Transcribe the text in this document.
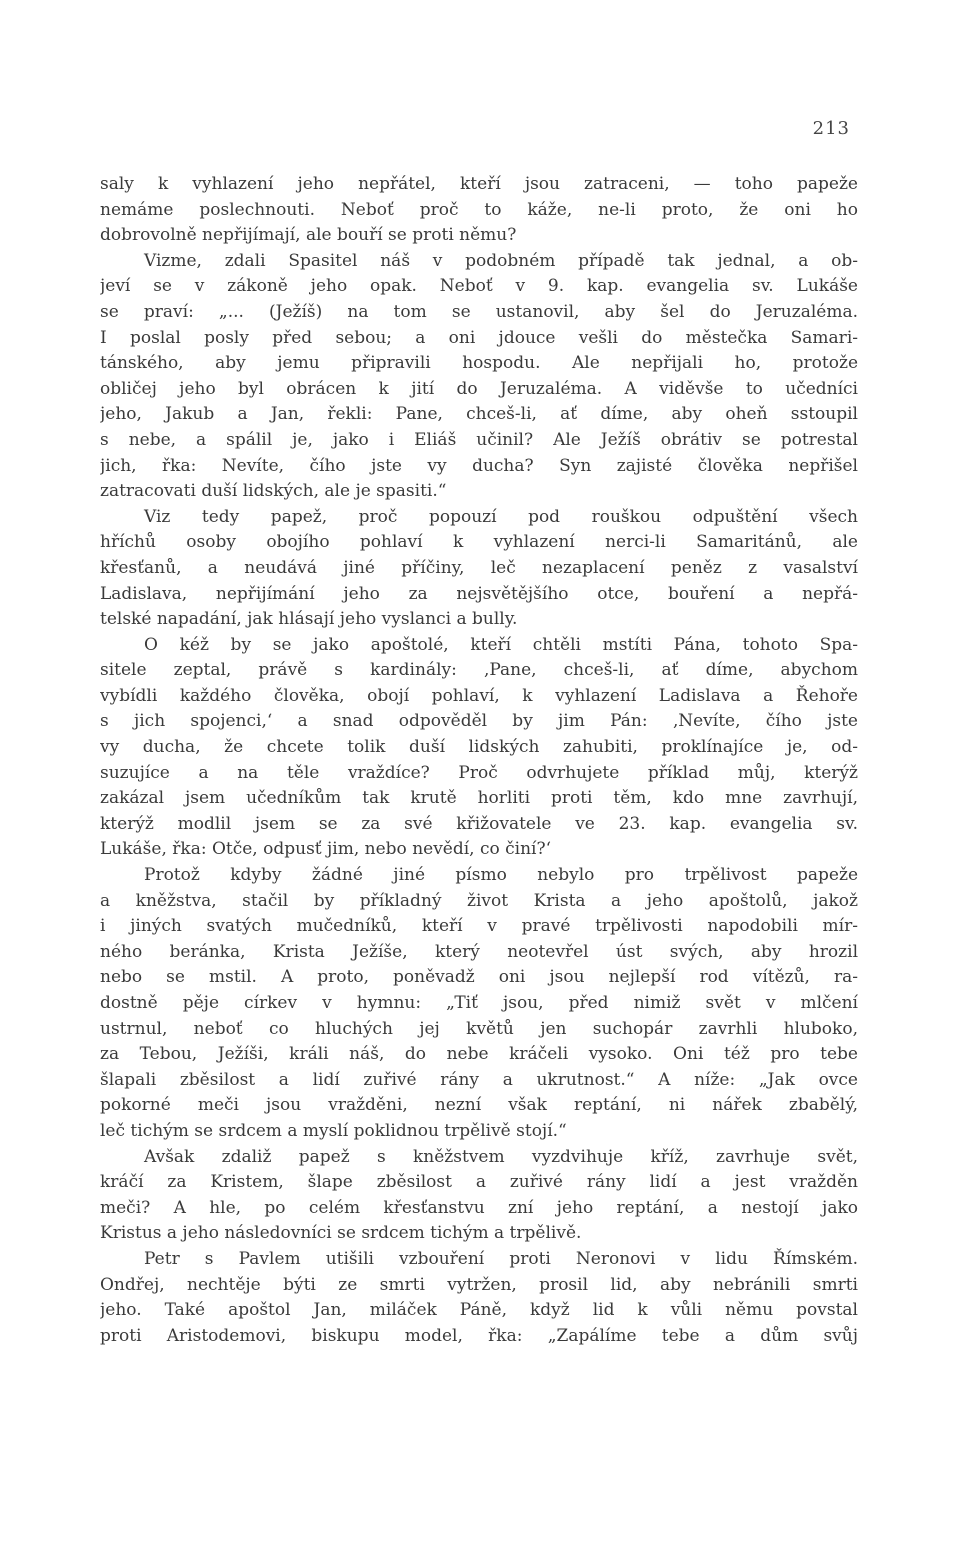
213
saly k vyhlazení jeho nepřátel, kteří jsou zatraceni, — toho papeže
nemáme poslechnouti. Neboť proč to káže, ne-li proto, že oni ho
dobrovolně nepřijímají, ale bouří se proti němu?
Vizme, zdali Spasitel náš v podobném případě tak jednal, a ob-
jeví se v zákoně jeho opak. Neboť v 9. kap. evangelia sv. Lukáše
se praví: „... (Ježíš) na tom se ustanovil, aby šel do Jeruzaléma.
I poslal posly před sebou; a oni jdouce vešli do městečka Samari-
tánského, aby jemu připravili hospodu. Ale nepřijali ho, protože
obličej jeho byl obrácen k jití do Jeruzaléma. A viděvše to učedníci
jeho, Jakub a Jan, řekli: Pane, chceš-li, ať díme, aby oheň sstoupil
s nebe, a spálil je, jako i Eliáš učinil? Ale Ježíš obrátiv se potrestal
jich, řka: Nevíte, čího jste vy ducha? Syn zajisté člověka nepřišel
zatracovati duší lidských, ale je spasiti.“
Viz tedy papež, proč popouzí pod rouškou odpuštění všech
hříchů osoby obojího pohlaví k vyhlazení nerci-li Samaritánů, ale
křesťanů, a neudává jiné příčiny, leč nezaplacení peněz z vasalství
Ladislava, nepřijímání jeho za nejsvětějšího otce, bouření a nepřá-
telské napadání, jak hlásají jeho vyslanci a bully.
O kéž by se jako apoštolé, kteří chtěli mstíti Pána, tohoto Spa-
sitele zeptal, právě s kardinály: ‚Pane, chceš-li, ať díme, abychom
vybídli každého člověka, obojí pohlaví, k vyhlazení Ladislava a Řehoře
s jich spojenci,‘ a snad odpověděl by jim Pán: ‚Nevíte, čího jste
vy ducha, že chcete tolik duší lidských zahubiti, proklínajíce je, od-
suzujíce a na těle vraždíce? Proč odvrhujete příklad můj, kterýž
zakázal jsem učedníkům tak krutě horliti proti těm, kdo mne zavrhují,
kterýž modlil jsem se za své křižovatele ve 23. kap. evangelia sv.
Lukáše, řka: Otče, odpusť jim, nebo nevědí, co činí?‘
Protož kdyby žádné jiné písmo nebylo pro trpělivost papeže
a kněžstva, stačil by příkladný život Krista a jeho apoštolů, jakož
i jiných svatých mučedníků, kteří v pravé trpělivosti napodobili mír-
ného beránka, Krista Ježíše, který neotevřel úst svých, aby hrozil
nebo se mstil. A proto, poněvadž oni jsou nejlepší rod vítězů, ra-
dostně pěje církev v hymnu: „Tiť jsou, před nimiž svět v mlčení
ustrnul, neboť co hluchých jej květů jen suchopár zavrhli hluboko,
za Tebou, Ježíši, králi náš, do nebe kráčeli vysoko. Oni též pro tebe
šlapali zběsilost a lidí zuřivé rány a ukrutnost.“ A níže: „Jak ovce
pokorné meči jsou vražděni, nezní však reptání, ni nářek zbabělý,
leč tichým se srdcem a myslí poklidnou trpělivě stojí.“
Avšak zdaliž papež s kněžstvem vyzdvihuje kříž, zavrhuje svět,
kráčí za Kristem, šlape zběsilost a zuřivé rány lidí a jest vražděn
meči? A hle, po celém křesťanstvu zní jeho reptání, a nestojí jako
Kristus a jeho následovníci se srdcem tichým a trpělivě.
Petr s Pavlem utišili vzbouření proti Neronovi v lidu Římském.
Ondřej, nechtěje býti ze smrti vytržen, prosil lid, aby nebránili smrti
jeho. Také apoštol Jan, miláček Páně, když lid k vůli němu povstal
proti Aristodemovi, biskupu model, řka: „Zapálíme tebe a dům svůj
